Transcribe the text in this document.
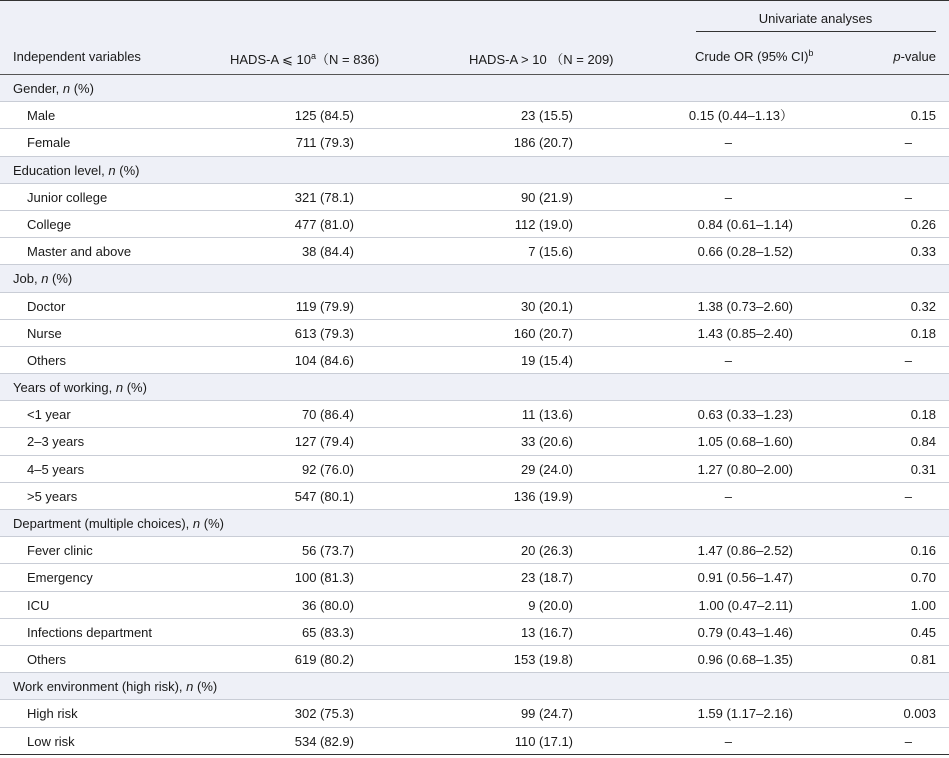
Univariate analyses
Independent variables	HADS-A ⩽ $10^a(N = 836)$	HADS-A > 10 （N = 209)	Crude OR (95% CI)$^b$	p-value
Gender, n (%)
Male	125 (84.5)	23 (15.5)	0.15 (0.44–1.13）	0.15
Female	711 (79.3)	186 (20.7)	–	–
Education level, n (%)
Junior college	321 (78.1)	90 (21.9)	–	–
College	477 (81.0)	112 (19.0)	0.84 (0.61–1.14)	0.26
Master and above	38 (84.4)	7 (15.6)	0.66 (0.28–1.52)	0.33
Job, n (%)
Doctor	119 (79.9)	30 (20.1)	1.38 (0.73–2.60)	0.32
Nurse	613 (79.3)	160 (20.7)	1.43 (0.85–2.40)	0.18
Others	104 (84.6)	19 (15.4)	–	–
Years of working, n (%)
<1 year	70 (86.4)	11 (13.6)	0.63 (0.33–1.23)	0.18
2–3 years	127 (79.4)	33 (20.6)	1.05 (0.68–1.60)	0.84
4–5 years	92 (76.0)	29 (24.0)	1.27 (0.80–2.00)	0.31
>5 years	547 (80.1)	136 (19.9)	–	–
Department (multiple choices), n (%)
Fever clinic	56 (73.7)	20 (26.3)	1.47 (0.86–2.52)	0.16
Emergency	100 (81.3)	23 (18.7)	0.91 (0.56–1.47)	0.70
ICU	36 (80.0)	9 (20.0)	1.00 (0.47–2.11)	1.00
Infections department	65 (83.3)	13 (16.7)	0.79 (0.43–1.46)	0.45
Others	619 (80.2)	153 (19.8)	0.96 (0.68–1.35)	0.81
Work environment (high risk), n (%)
High risk	302 (75.3)	99 (24.7)	1.59 (1.17–2.16)	0.003
Low risk	534 (82.9)	110 (17.1)	–	–
